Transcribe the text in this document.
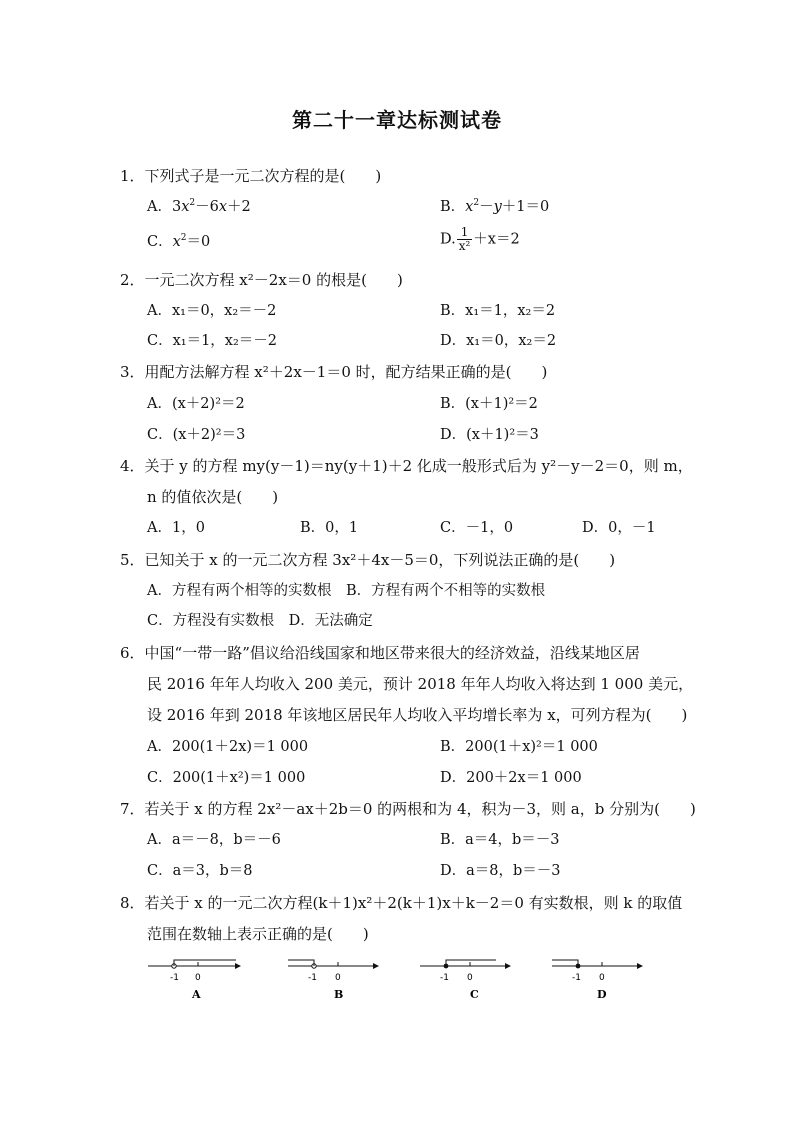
第二十一章达标测试卷
1．下列式子是一元二次方程的是(　　)
A．$3x^2-6x+2$	B．$x^2-y+1=0$
C．$x^2=0$	D. $\frac{1}{\text{x²}} +x=2$
2．一元二次方程 x²－2x＝0 的根是(　　)
A．x₁＝0，x₂＝－2	B．x₁＝1，x₂＝2
C．x₁＝1，x₂＝－2	D．x₁＝0，x₂＝2
3．用配方法解方程 x²＋2x－1＝0 时，配方结果正确的是(　　)
A．(x＋2)²＝2	B．(x＋1)²＝2
C．(x＋2)²＝3	D．(x＋1)²＝3
4．关于 y 的方程 my(y－1)＝ny(y＋1)＋2 化成一般形式后为 y²－y－2＝0，则 m，
n 的值依次是(　　)
A．1，0	B．0，1	C．－1，0	D．0，－1
5．已知关于 x 的一元二次方程 3x²＋4x－5＝0，下列说法正确的是(　　)
A．方程有两个相等的实数根　B．方程有两个不相等的实数根
C．方程没有实数根　D．无法确定
6．中国“一带一路”倡议给沿线国家和地区带来很大的经济效益，沿线某地区居
民 2016 年年人均收入 200 美元，预计 2018 年年人均收入将达到 1 000 美元，
设 2016 年到 2018 年该地区居民年人均收入平均增长率为 x，可列方程为(　　)
A．200(1＋2x)＝1 000	B．200(1＋x)²＝1 000
C．200(1＋x²)＝1 000	D．200＋2x＝1 000
7．若关于 x 的方程 2x²－ax＋2b＝0 的两根和为 4，积为－3，则 a，b 分别为(　　)
A．a＝－8，b＝－6	B．a＝4，b＝－3
C．a＝3，b＝8	D．a＝8，b＝－3
8．若关于 x 的一元二次方程(k＋1)x²＋2(k＋1)x＋k－2＝0 有实数根，则 k 的取值
范围在数轴上表示正确的是(　　)
-1 0
A
-1 0
B
-1 0
C
-1 0
D
